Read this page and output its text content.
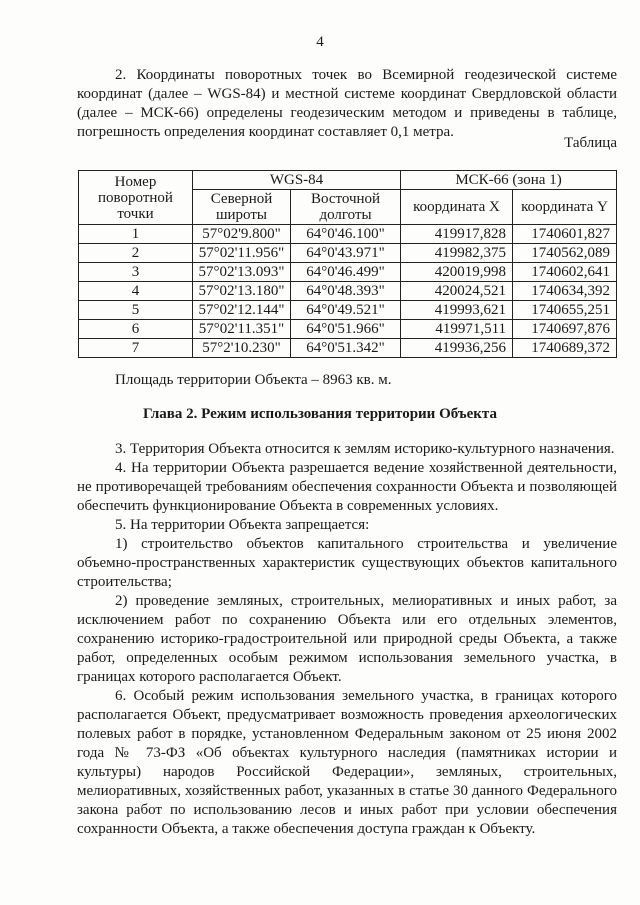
4

2. Координаты поворотных точек во Всемирной геодезической системе координат (далее – WGS-84) и местной системе координат Свердловской области (далее – МСК-66) определены геодезическим методом и приведены в таблице, погрешность определения координат составляет 0,1 метра.

Таблица
Номер поворотной точки	WGS-84		МСК-66 (зона 1)	
	Северной широты	Восточной долготы	координата X	координата Y
1	57°02'9.800"	64°0'46.100"	419917,828	1740601,827
2	57°02'11.956"	64°0'43.971"	419982,375	1740562,089
3	57°02'13.093"	64°0'46.499"	420019,998	1740602,641
4	57°02'13.180"	64°0'48.393"	420024,521	1740634,392
5	57°02'12.144"	64°0'49.521"	419993,621	1740655,251
6	57°02'11.351"	64°0'51.966"	419971,511	1740697,876
7	57°2'10.230"	64°0'51.342"	419936,256	1740689,372
Площадь территории Объекта – 8963 кв. м.
Глава 2. Режим использования территории Объекта

3. Территория Объекта относится к землям историко-культурного назначения.

4. На территории Объекта разрешается ведение хозяйственной деятельности, не противоречащей требованиям обеспечения сохранности Объекта и позволяющей обеспечить функционирование Объекта в современных условиях.

5. На территории Объекта запрещается:

1) строительство объектов капитального строительства и увеличение объемно-пространственных характеристик существующих объектов капитального строительства;

2) проведение земляных, строительных, мелиоративных и иных работ, за исключением работ по сохранению Объекта или его отдельных элементов, сохранению историко-градостроительной или природной среды Объекта, а также работ, определенных особым режимом использования земельного участка, в границах которого располагается Объект.

6. Особый режим использования земельного участка, в границах которого располагается Объект, предусматривает возможность проведения археологических полевых работ в порядке, установленном Федеральным законом от 25 июня 2002 года № 73-ФЗ «Об объектах культурного наследия (памятниках истории и культуры) народов Российской Федерации», земляных, строительных, мелиоративных, хозяйственных работ, указанных в статье 30 данного Федерального закона работ по использованию лесов и иных работ при условии обеспечения сохранности Объекта, а также обеспечения доступа граждан к Объекту.
